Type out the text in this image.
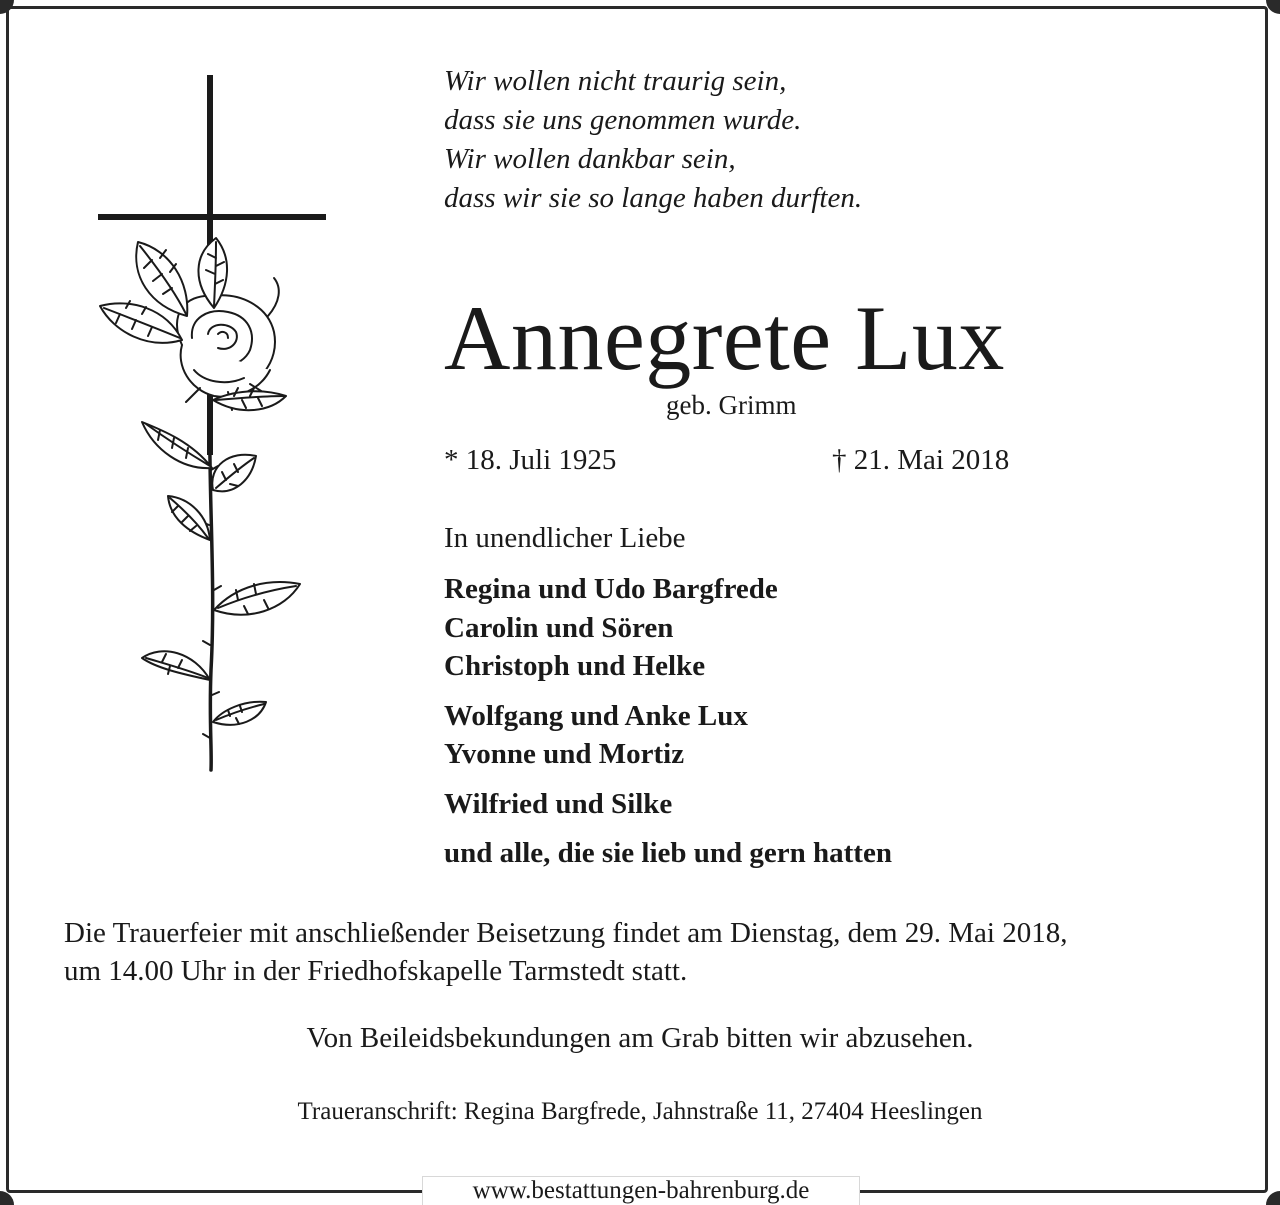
Wir wollen nicht traurig sein,
dass sie uns genommen wurde.
Wir wollen dankbar sein,
dass wir sie so lange haben durften.
Annegrete Lux
geb. Grimm
* 18. Juli 1925	† 21. Mai 2018
In unendlicher Liebe
Regina und Udo Bargfrede
Carolin und Sören
Christoph und Helke
Wolfgang und Anke Lux
Yvonne und Mortiz
Wilfried und Silke
und alle, die sie lieb und gern hatten
Die Trauerfeier mit anschließender Beisetzung findet am Dienstag, dem 29. Mai 2018,
um 14.00 Uhr in der Friedhofskapelle Tarmstedt statt.
Von Beileidsbekundungen am Grab bitten wir abzusehen.
Traueranschrift: Regina Bargfrede, Jahnstraße 11, 27404 Heeslingen
www.bestattungen-bahrenburg.de
